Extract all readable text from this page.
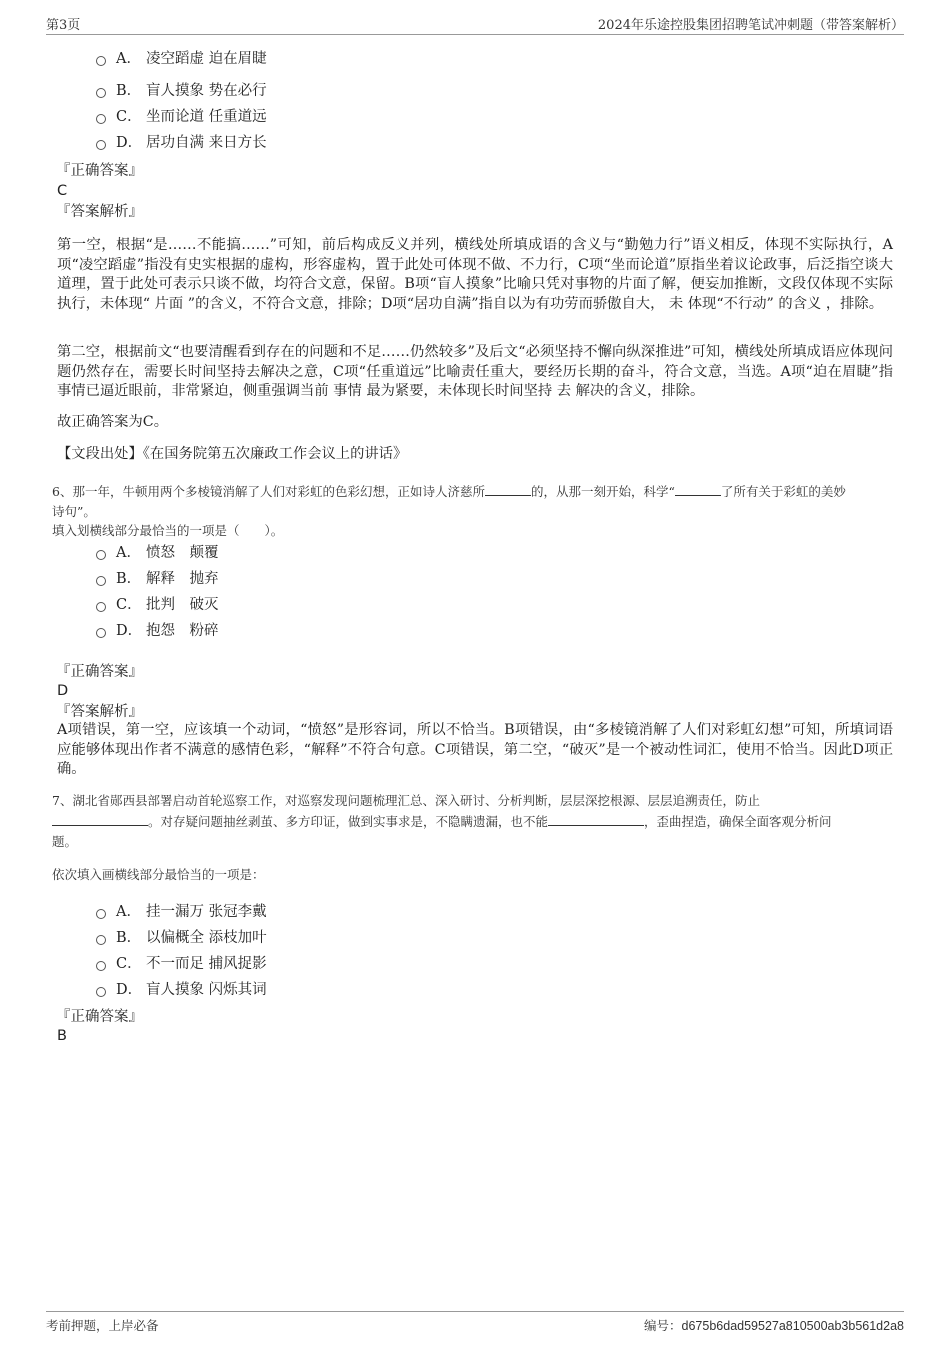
第3页	2024年乐途控股集团招聘笔试冲刺题（带答案解析）
A． 凌空蹈虚 迫在眉睫
B． 盲人摸象 势在必行
C． 坐而论道 任重道远
D． 居功自满 来日方长
『正确答案』
C
『答案解析』
第一空，根据“是……不能搞……”可知，前后构成反义并列，横线处所填成语的含义与“勤勉力行”语义相反，体现不实际执行，A项“凌空蹈虚”指没有史实根据的虚构，形容虚构，置于此处可体现不做、不力行，C项“坐而论道”原指坐着议论政事，后泛指空谈大道理，置于此处可表示只谈不做，均符合文意，保留。B项“盲人摸象”比喻只凭对事物的片面了解，便妄加推断，文段仅体现不实际执行，未体现“ 片面 ”的含义，不符合文意，排除；D项“居功自满”指自以为有功劳而骄傲自大， 未 体现“不行动” 的含义 ，排除。
第二空，根据前文“也要清醒看到存在的问题和不足……仍然较多”及后文“必须坚持不懈向纵深推进”可知，横线处所填成语应体现问题仍然存在，需要长时间坚持去解决之意，C项“任重道远”比喻责任重大，要经历长期的奋斗，符合文意，当选。A项“迫在眉睫”指事情已逼近眼前，非常紧迫，侧重强调当前 事情 最为紧要，未体现长时间坚持 去 解决的含义，排除。
故正确答案为C。
【文段出处】《在国务院第五次廉政工作会议上的讲话》
6、那一年，牛顿用两个多棱镜消解了人们对彩虹的色彩幻想，正如诗人济慈所	的，从那一刻开始，科学“	了所有关于彩虹的美妙
诗句”。
填入划横线部分最恰当的一项是（　　）。
A． 愤怒　颠覆
B． 解释　抛弃
C． 批判　破灭
D． 抱怨　粉碎
『正确答案』
D
『答案解析』
A项错误，第一空，应该填一个动词，“愤怒”是形容词，所以不恰当。B项错误，由“多棱镜消解了人们对彩虹幻想”可知，所填词语应能够体现出作者不满意的感情色彩，“解释”不符合句意。C项错误，第二空，“破灭”是一个被动性词汇，使用不恰当。因此D项正确。
7、湖北省郧西县部署启动首轮巡察工作，对巡察发现问题梳理汇总、深入研讨、分析判断，层层深挖根源、层层追溯责任，防止
。对存疑问题抽丝剥茧、多方印证，做到实事求是，不隐瞒遗漏，也不能	，歪曲捏造，确保全面客观分析问
题。
依次填入画横线部分最恰当的一项是：
A． 挂一漏万 张冠李戴
B． 以偏概全 添枝加叶
C． 不一而足 捕风捉影
D． 盲人摸象 闪烁其词
『正确答案』
B
考前押题，上岸必备	编号：d675b6dad59527a810500ab3b561d2a8
